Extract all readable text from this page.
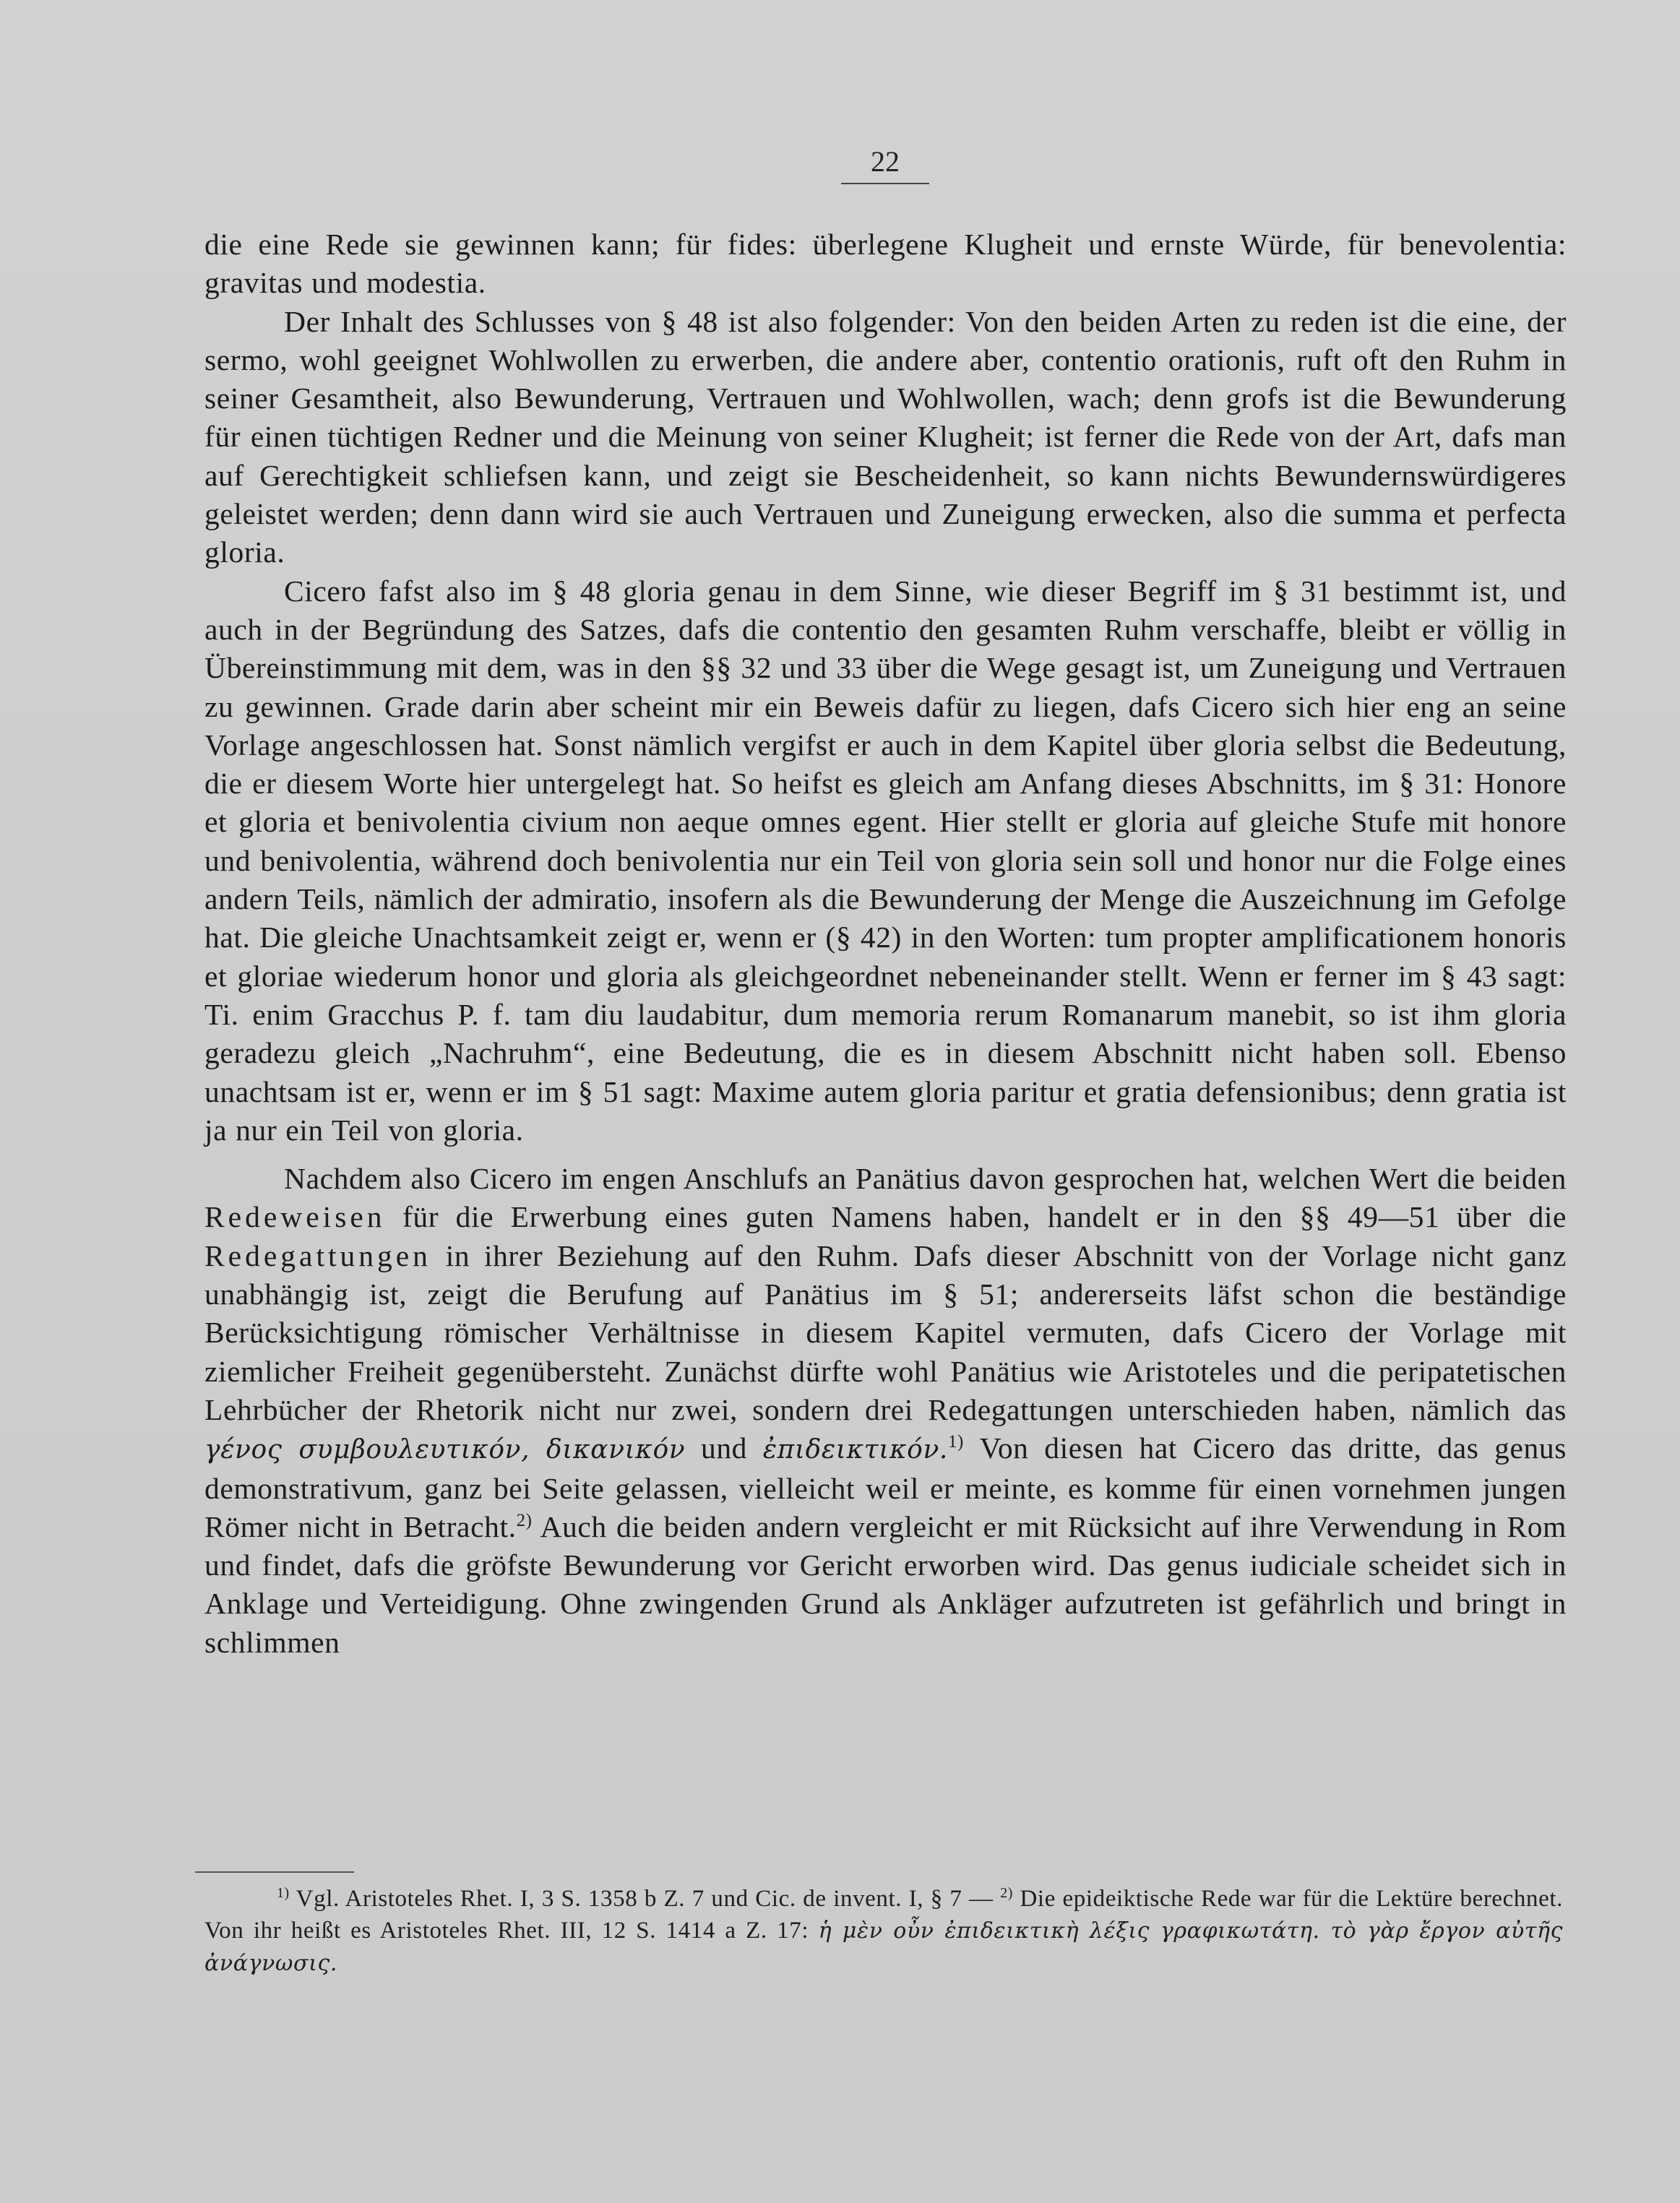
22

die eine Rede sie gewinnen kann; für fides: überlegene Klugheit und ernste Würde, für benevolentia: gravitas und modestia.

Der Inhalt des Schlusses von § 48 ist also folgender: Von den beiden Arten zu reden ist die eine, der sermo, wohl geeignet Wohlwollen zu erwerben, die andere aber, contentio orationis, ruft oft den Ruhm in seiner Gesamtheit, also Bewunderung, Vertrauen und Wohlwollen, wach; denn grofs ist die Bewunderung für einen tüchtigen Redner und die Meinung von seiner Klugheit; ist ferner die Rede von der Art, dafs man auf Gerechtigkeit schliefsen kann, und zeigt sie Bescheidenheit, so kann nichts Bewundernswürdigeres geleistet werden; denn dann wird sie auch Vertrauen und Zuneigung erwecken, also die summa et perfecta gloria.

Cicero fafst also im § 48 gloria genau in dem Sinne, wie dieser Begriff im § 31 bestimmt ist, und auch in der Begründung des Satzes, dafs die contentio den gesamten Ruhm verschaffe, bleibt er völlig in Übereinstimmung mit dem, was in den §§ 32 und 33 über die Wege gesagt ist, um Zuneigung und Vertrauen zu gewinnen. Grade darin aber scheint mir ein Beweis dafür zu liegen, dafs Cicero sich hier eng an seine Vorlage angeschlossen hat. Sonst nämlich vergifst er auch in dem Kapitel über gloria selbst die Bedeutung, die er diesem Worte hier untergelegt hat. So heifst es gleich am Anfang dieses Abschnitts, im § 31: Honore et gloria et benivolentia civium non aeque omnes egent. Hier stellt er gloria auf gleiche Stufe mit honore und benivolentia, während doch benivolentia nur ein Teil von gloria sein soll und honor nur die Folge eines andern Teils, nämlich der admiratio, insofern als die Bewunderung der Menge die Auszeichnung im Gefolge hat. Die gleiche Unachtsamkeit zeigt er, wenn er (§ 42) in den Worten: tum propter amplificationem honoris et gloriae wiederum honor und gloria als gleichgeordnet nebeneinander stellt. Wenn er ferner im § 43 sagt: Ti. enim Gracchus P. f. tam diu laudabitur, dum memoria rerum Romanarum manebit, so ist ihm gloria geradezu gleich „Nachruhm“, eine Bedeutung, die es in diesem Abschnitt nicht haben soll. Ebenso unachtsam ist er, wenn er im § 51 sagt: Maxime autem gloria paritur et gratia defensionibus; denn gratia ist ja nur ein Teil von gloria.

Nachdem also Cicero im engen Anschlufs an Panätius davon gesprochen hat, welchen Wert die beiden Redeweisen für die Erwerbung eines guten Namens haben, handelt er in den §§ 49—51 über die Redegattungen in ihrer Beziehung auf den Ruhm. Dafs dieser Abschnitt von der Vorlage nicht ganz unabhängig ist, zeigt die Berufung auf Panätius im § 51; andererseits läfst schon die beständige Berücksichtigung römischer Verhältnisse in diesem Kapitel vermuten, dafs Cicero der Vorlage mit ziemlicher Freiheit gegenübersteht. Zunächst dürfte wohl Panätius wie Aristoteles und die peripatetischen Lehrbücher der Rhetorik nicht nur zwei, sondern drei Redegattungen unterschieden haben, nämlich das γένος συμβουλευτικόν, δικανικόν und ἐπιδεικτικόν.$^{1)}$ Von diesen hat Cicero das dritte, das genus demonstrativum, ganz bei Seite gelassen, vielleicht weil er meinte, es komme für einen vornehmen jungen Römer nicht in Betracht.$^{2)}$ Auch die beiden andern vergleicht er mit Rücksicht auf ihre Verwendung in Rom und findet, dafs die gröfste Bewunderung vor Gericht erworben wird. Das genus iudiciale scheidet sich in Anklage und Verteidigung. Ohne zwingenden Grund als Ankläger aufzutreten ist gefährlich und bringt in schlimmen

$^{1)}$ Vgl. Aristoteles Rhet. I, 3 S. 1358 b Z. 7 und Cic. de invent. I, § 7 — $^{2)}$ Die epideiktische Rede war für die Lektüre berechnet. Von ihr heißt es Aristoteles Rhet. III, 12 S. 1414 a Z. 17: ἡ μὲν οὖν ἐπιδεικτικὴ λέξις γραφικωτάτη. τὸ γὰρ ἔργον αὐτῆς ἀνάγνωσις.
